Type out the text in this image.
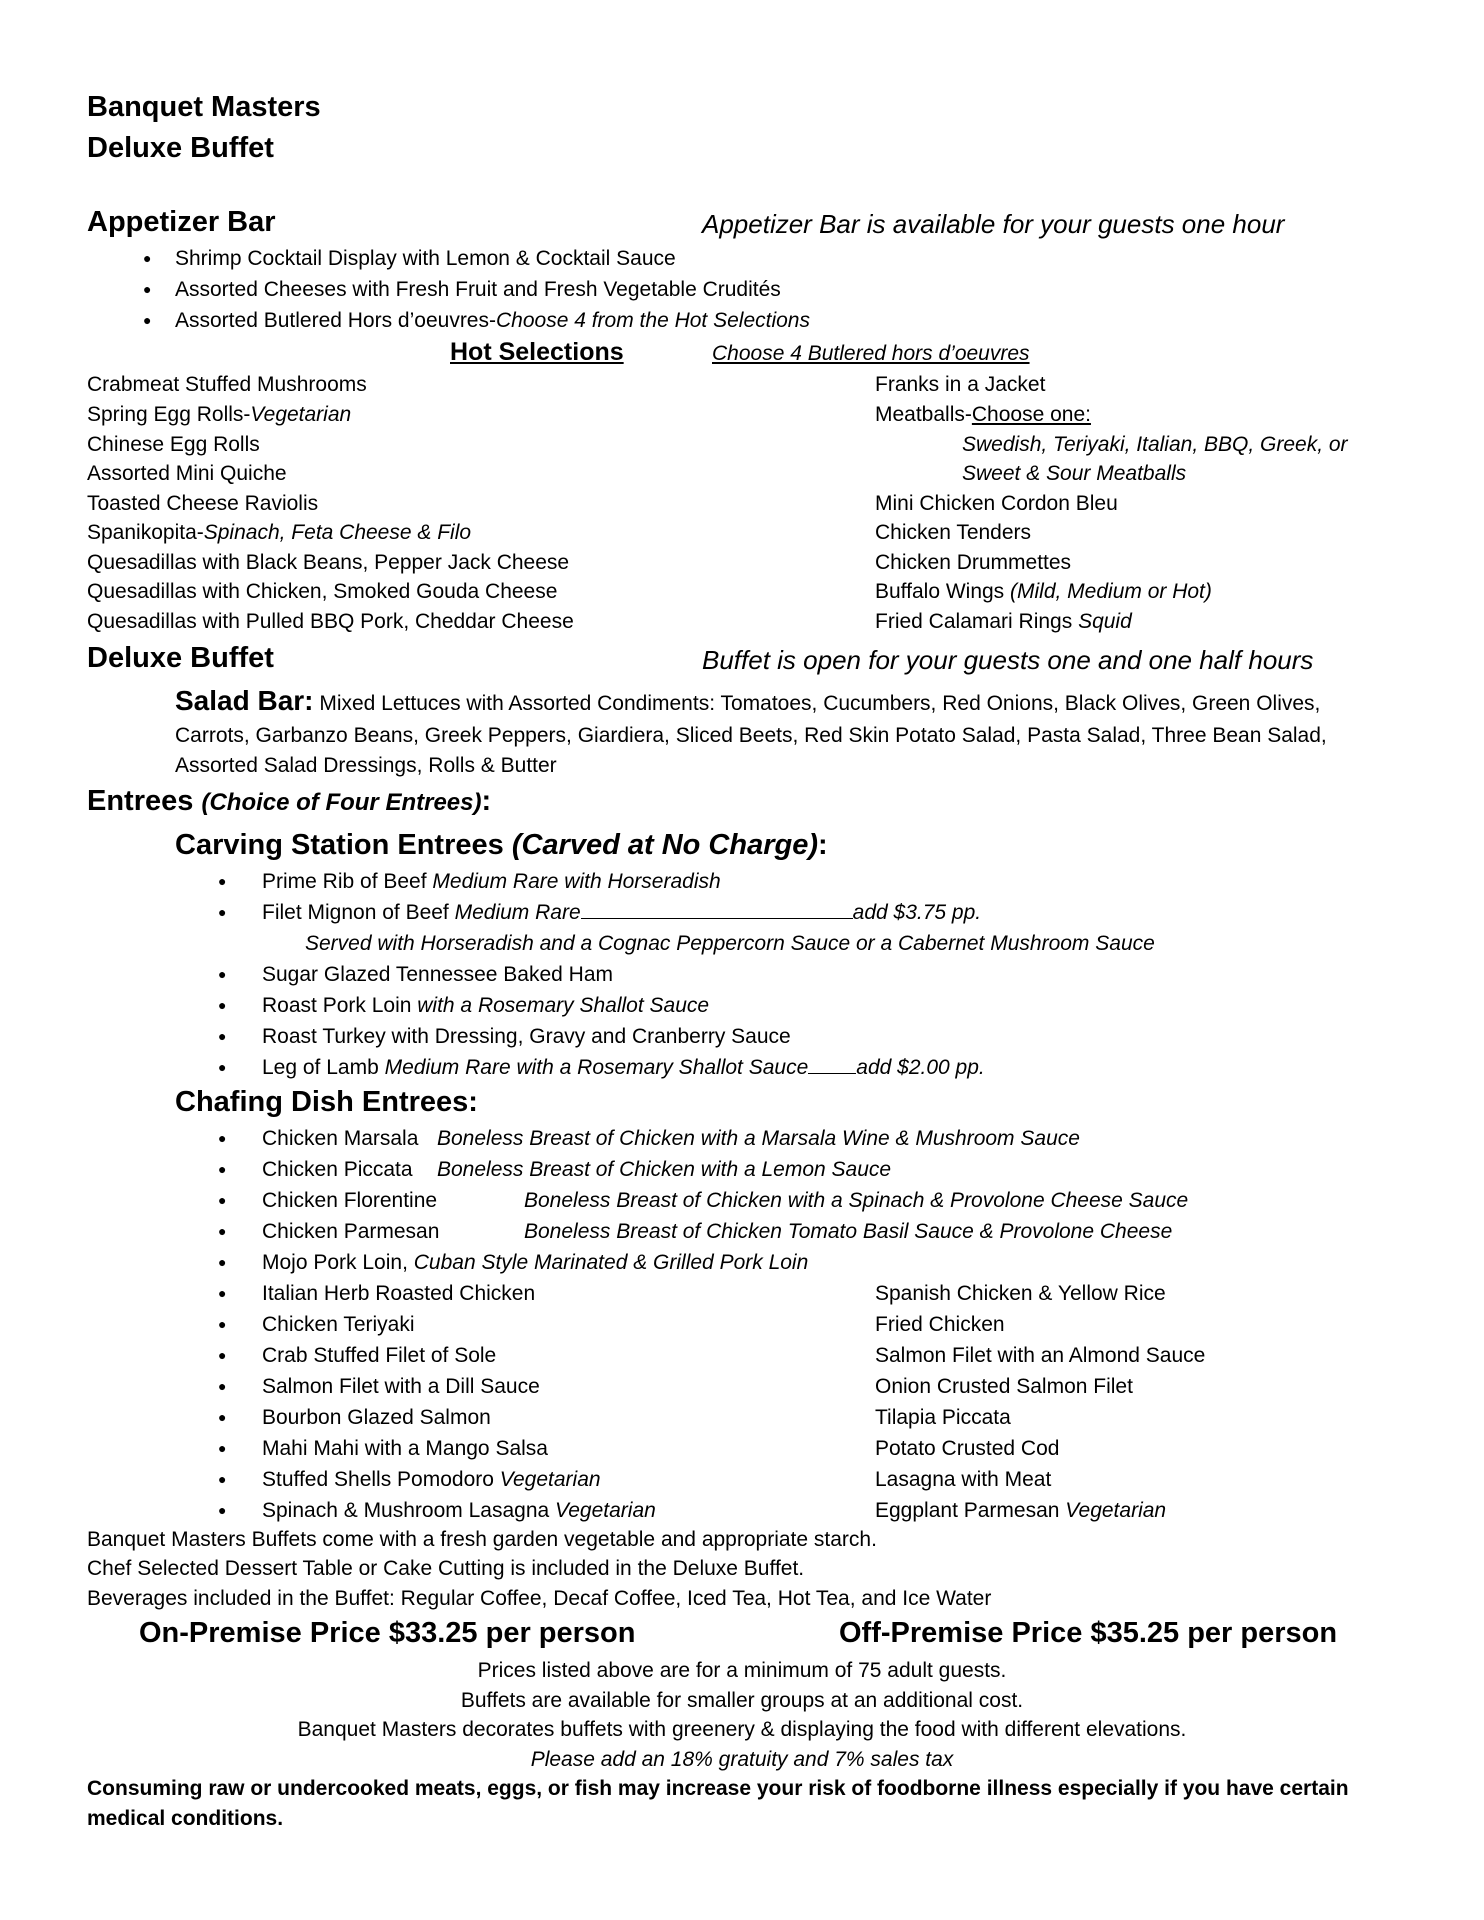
Banquet Masters
Deluxe Buffet
Appetizer Bar	Appetizer Bar is available for your guests one hour
● Shrimp Cocktail Display with Lemon & Cocktail Sauce
● Assorted Cheeses with Fresh Fruit and Fresh Vegetable Crudités
● Assorted Butlered Hors d’oeuvres-Choose 4 from the Hot Selections
Hot Selections	Choose 4 Butlered hors d’oeuvres
Crabmeat Stuffed Mushrooms
Spring Egg Rolls-Vegetarian
Chinese Egg Rolls
Assorted Mini Quiche
Toasted Cheese Raviolis
Spanikopita-Spinach, Feta Cheese & Filo
Quesadillas with Black Beans, Pepper Jack Cheese
Quesadillas with Chicken, Smoked Gouda Cheese
Quesadillas with Pulled BBQ Pork, Cheddar Cheese
Franks in a Jacket
Meatballs-Choose one:
Swedish, Teriyaki, Italian, BBQ, Greek, or
Sweet & Sour Meatballs
Mini Chicken Cordon Bleu
Chicken Tenders
Chicken Drummettes
Buffalo Wings (Mild, Medium or Hot)
Fried Calamari Rings Squid
Deluxe Buffet	Buffet is open for your guests one and one half hours
Salad Bar: Mixed Lettuces with Assorted Condiments: Tomatoes, Cucumbers, Red Onions, Black Olives, Green Olives,
Carrots, Garbanzo Beans, Greek Peppers, Giardiera, Sliced Beets, Red Skin Potato Salad, Pasta Salad, Three Bean Salad,
Assorted Salad Dressings, Rolls & Butter
Entrees (Choice of Four Entrees):
Carving Station Entrees (Carved at No Charge):
● Prime Rib of Beef Medium Rare with Horseradish
● Filet Mignon of Beef Medium Rare	add $3.75 pp.
Served with Horseradish and a Cognac Peppercorn Sauce or a Cabernet Mushroom Sauce
● Sugar Glazed Tennessee Baked Ham
● Roast Pork Loin with a Rosemary Shallot Sauce
● Roast Turkey with Dressing, Gravy and Cranberry Sauce
● Leg of Lamb Medium Rare with a Rosemary Shallot Sauce add $2.00 pp.
Chafing Dish Entrees:
● Chicken Marsala Boneless Breast of Chicken with a Marsala Wine & Mushroom Sauce
● Chicken Piccata Boneless Breast of Chicken with a Lemon Sauce
● Chicken Florentine	Boneless Breast of Chicken with a Spinach & Provolone Cheese Sauce
● Chicken Parmesan	Boneless Breast of Chicken Tomato Basil Sauce & Provolone Cheese
● Mojo Pork Loin, Cuban Style Marinated & Grilled Pork Loin
● Italian Herb Roasted Chicken	Spanish Chicken & Yellow Rice
● Chicken Teriyaki	Fried Chicken
● Crab Stuffed Filet of Sole	Salmon Filet with an Almond Sauce
● Salmon Filet with a Dill Sauce	Onion Crusted Salmon Filet
● Bourbon Glazed Salmon	Tilapia Piccata
● Mahi Mahi with a Mango Salsa	Potato Crusted Cod
● Stuffed Shells Pomodoro Vegetarian	Lasagna with Meat
● Spinach & Mushroom Lasagna Vegetarian	Eggplant Parmesan Vegetarian
Banquet Masters Buffets come with a fresh garden vegetable and appropriate starch.
Chef Selected Dessert Table or Cake Cutting is included in the Deluxe Buffet.
Beverages included in the Buffet: Regular Coffee, Decaf Coffee, Iced Tea, Hot Tea, and Ice Water
On-Premise Price $33.25 per person	Off-Premise Price $35.25 per person
Prices listed above are for a minimum of 75 adult guests.
Buffets are available for smaller groups at an additional cost.
Banquet Masters decorates buffets with greenery & displaying the food with different elevations.
Please add an 18% gratuity and 7% sales tax
Consuming raw or undercooked meats, eggs, or fish may increase your risk of foodborne illness especially if you have certain medical conditions.
